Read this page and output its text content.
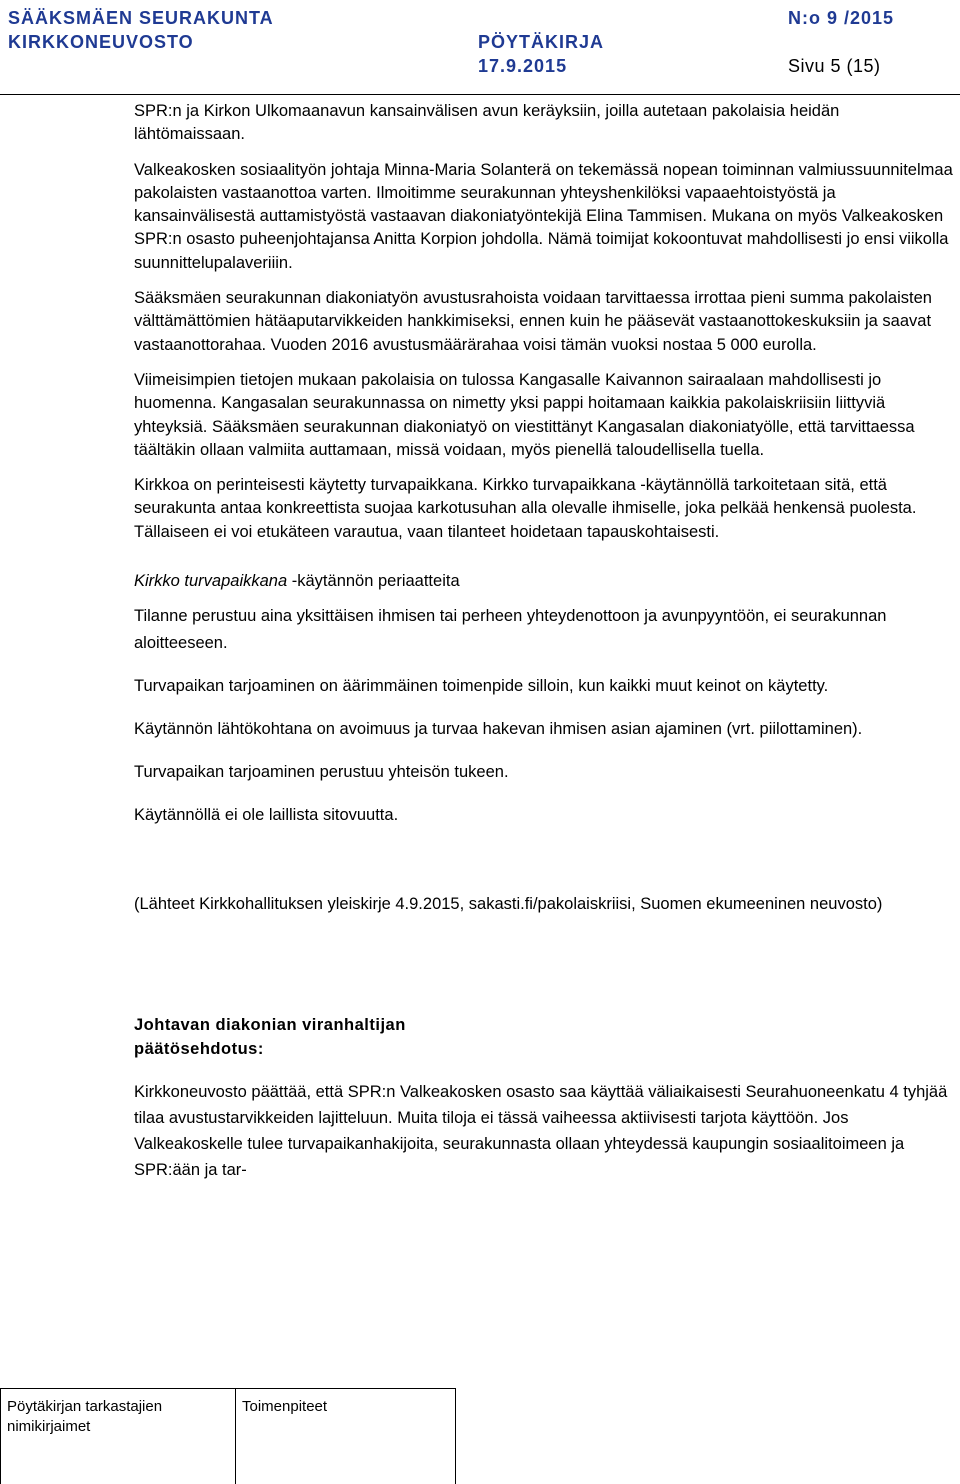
SÄÄKSMÄEN SEURAKUNTA	N:o 9 /2015
KIRKKONEUVOSTO	PÖYTÄKIRJA
17.9.2015	Sivu 5 (15)

SPR:n ja Kirkon Ulkomaanavun kansainvälisen avun keräyksiin, joilla autetaan pakolaisia heidän lähtömaissaan.

Valkeakosken sosiaalityön johtaja Minna-Maria Solanterä on tekemässä nopean toiminnan valmiussuunnitelmaa pakolaisten vastaanottoa varten. Ilmoitimme seurakunnan yhteyshenkilöksi vapaaehtoistyöstä ja kansainvälisestä auttamistyöstä vastaavan diakoniatyöntekijä Elina Tammisen. Mukana on myös Valkeakosken SPR:n osasto puheenjohtajansa Anitta Korpion johdolla. Nämä toimijat kokoontuvat mahdollisesti jo ensi viikolla suunnittelupalaveriiin.

Sääksmäen seurakunnan diakoniatyön avustusrahoista voidaan tarvittaessa irrottaa pieni summa pakolaisten välttämättömien hätäaputarvikkeiden hankkimiseksi, ennen kuin he pääsevät vastaanottokeskuksiin ja saavat vastaanottorahaa. Vuoden 2016 avustusmäärärahaa voisi tämän vuoksi nostaa 5 000 eurolla.

Viimeisimpien tietojen mukaan pakolaisia on tulossa Kangasalle Kaivannon sairaalaan mahdollisesti jo huomenna. Kangasalan seurakunnassa on nimetty yksi pappi hoitamaan kaikkia pakolaiskriisiin liittyviä yhteyksiä. Sääksmäen seurakunnan diakoniatyö on viestittänyt Kangasalan diakoniatyölle, että tarvittaessa täältäkin ollaan valmiita auttamaan, missä voidaan, myös pienellä taloudellisella tuella.

Kirkkoa on perinteisesti käytetty turvapaikkana. Kirkko turvapaikkana -käytännöllä tarkoitetaan sitä, että seurakunta antaa konkreettista suojaa karkotusuhan alla olevalle ihmiselle, joka pelkää henkensä puolesta. Tällaiseen ei voi etukäteen varautua, vaan tilanteet hoidetaan tapauskohtaisesti.

Kirkko turvapaikkana -käytännön periaatteita

Tilanne perustuu aina yksittäisen ihmisen tai perheen yhteydenottoon ja avunpyyntöön, ei seurakunnan aloitteeseen.

Turvapaikan tarjoaminen on äärimmäinen toimenpide silloin, kun kaikki muut keinot on käytetty.

Käytännön lähtökohtana on avoimuus ja turvaa hakevan ihmisen asian ajaminen (vrt. piilottaminen).

Turvapaikan tarjoaminen perustuu yhteisön tukeen.

Käytännöllä ei ole laillista sitovuutta.

(Lähteet Kirkkohallituksen yleiskirje 4.9.2015, sakasti.fi/pakolaiskriisi, Suomen ekumeeninen neuvosto)

Johtavan diakonian viranhaltijan päätösehdotus:

Kirkkoneuvosto päättää, että SPR:n Valkeakosken osasto saa käyttää väliaikaisesti Seurahuoneenkatu 4 tyhjää tilaa avustustarvikkeiden lajitteluun. Muita tiloja ei tässä vaiheessa aktiivisesti tarjota käyttöön. Jos Valkeakoskelle tulee turvapaikanhakijoita, seurakunnasta ollaan yhteydessä kaupungin sosiaalitoimeen ja SPR:ään ja tar-

Pöytäkirjan tarkastajien nimikirjaimet
Toimenpiteet
